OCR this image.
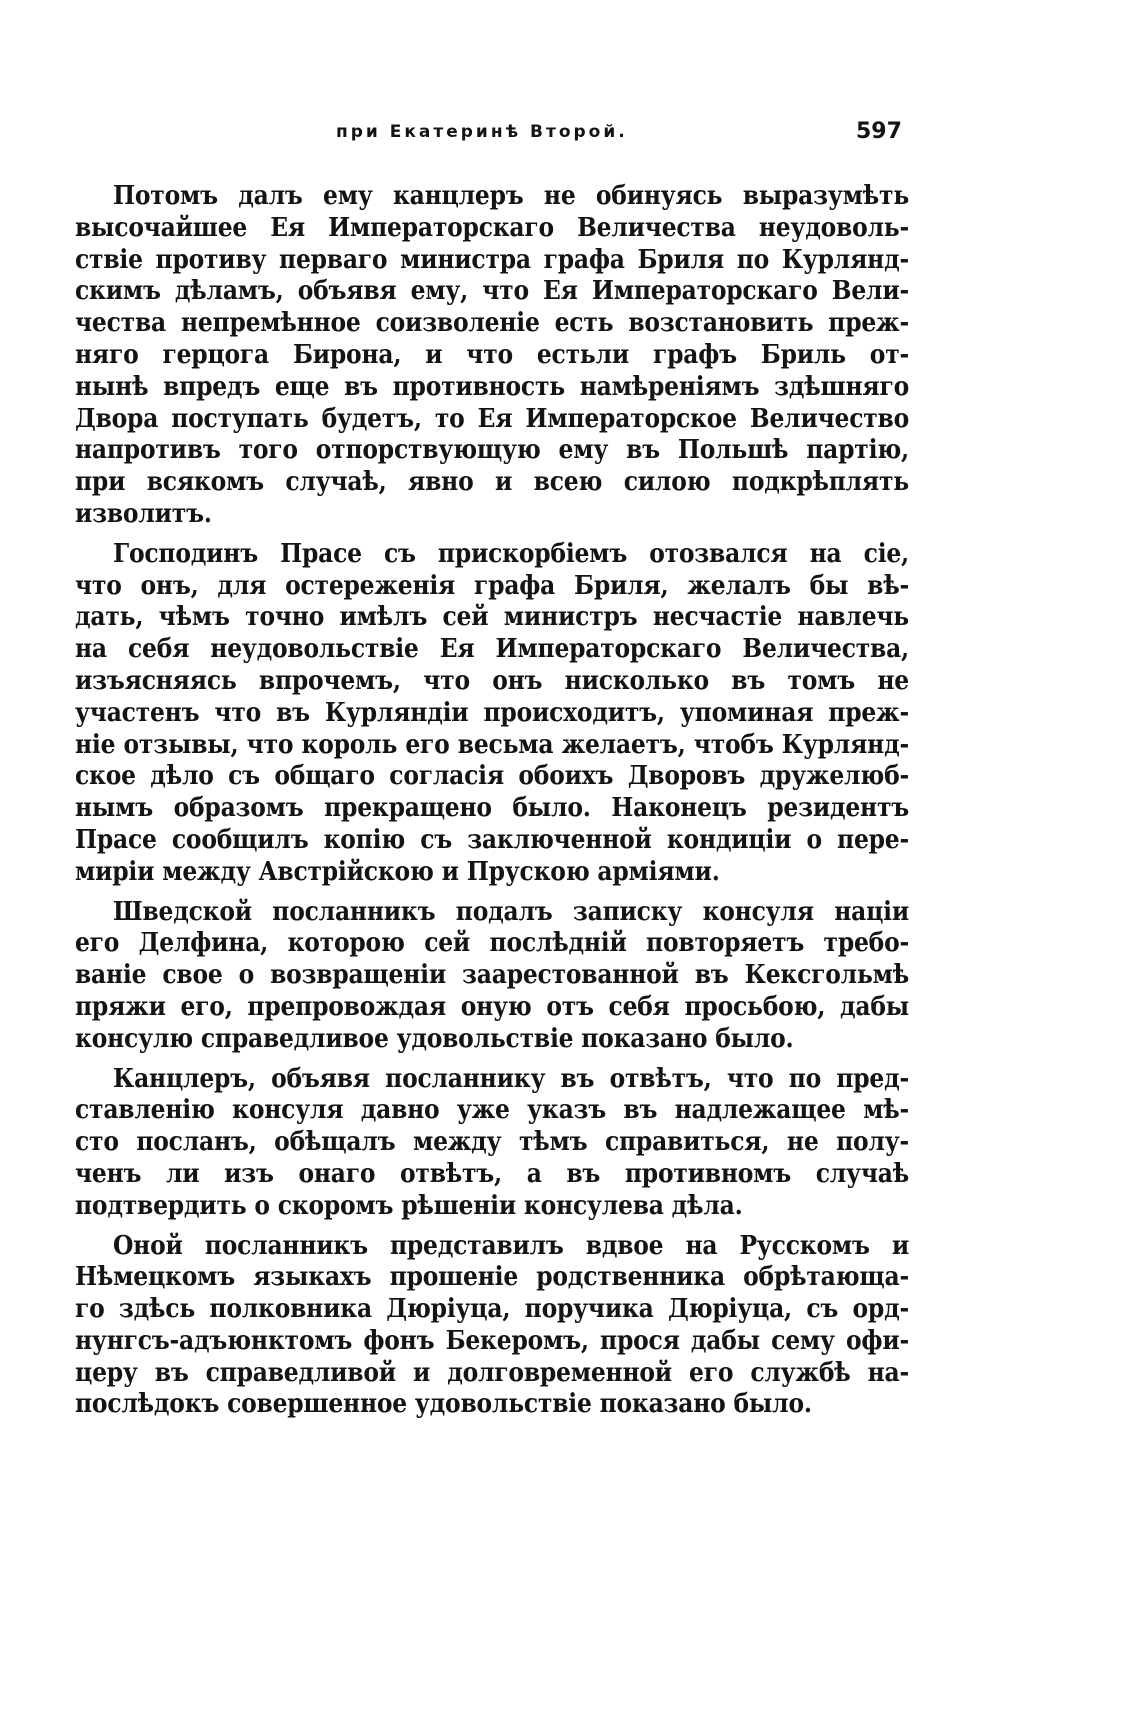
при Екатеринѣ Второй.	597
Потомъ далъ ему канцлеръ не обинуясь выразумѣть
высочайшее Ея Императорскаго Величества неудоволь-
ствіе противу перваго министра графа Бриля по Курлянд-
скимъ дѣламъ, объявя ему, что Ея Императорскаго Вели-
чества непремѣнное соизволеніе есть возстановить преж-
няго герцога Бирона, и что естьли графъ Бриль от-
нынѣ впредъ еще въ противность намѣреніямъ здѣшняго
Двора поступать будетъ, то Ея Императорское Величество
напротивъ того отпорствующую ему въ Польшѣ партію,
при всякомъ случаѣ, явно и всею силою подкрѣплять
изволитъ.
Господинъ Прасе съ прискорбіемъ отозвался на сіе,
что онъ, для остереженія графа Бриля, желалъ бы вѣ-
дать, чѣмъ точно имѣлъ сей министръ несчастіе навлечь
на себя неудовольствіе Ея Императорскаго Величества,
изъясняясь впрочемъ, что онъ нисколько въ томъ не
участенъ что въ Курляндіи происходитъ, упоминая преж-
ніе отзывы, что король его весьма желаетъ, чтобъ Курлянд-
ское дѣло съ общаго согласія обоихъ Дворовъ дружелюб-
нымъ образомъ прекращено было. Наконецъ резидентъ
Прасе сообщилъ копію съ заключенной кондиціи о пере-
миріи между Австрійскою и Прускою арміями.
Шведской посланникъ подалъ записку консуля націи
его Делфина, которою сей послѣдній повторяетъ требо-
ваніе свое о возвращеніи заарестованной въ Кексгольмѣ
пряжи его, препровождая оную отъ себя просьбою, дабы
консулю справедливое удовольствіе показано было.
Канцлеръ, объявя посланнику въ отвѣтъ, что по пред-
ставленію консуля давно уже указъ въ надлежащее мѣ-
сто посланъ, обѣщалъ между тѣмъ справиться, не полу-
ченъ ли изъ онаго отвѣтъ, а въ противномъ случаѣ
подтвердить о скоромъ рѣшеніи консулева дѣла.
Оной посланникъ представилъ вдвое на Русскомъ и
Нѣмецкомъ языкахъ прошеніе родственника обрѣтающа-
го здѣсь полковника Дюріуца, поручика Дюріуца, съ орд-
нунгсъ-адъюнктомъ фонъ Бекеромъ, прося дабы сему офи-
церу въ справедливой и долговременной его службѣ на-
послѣдокъ совершенное удовольствіе показано было.
